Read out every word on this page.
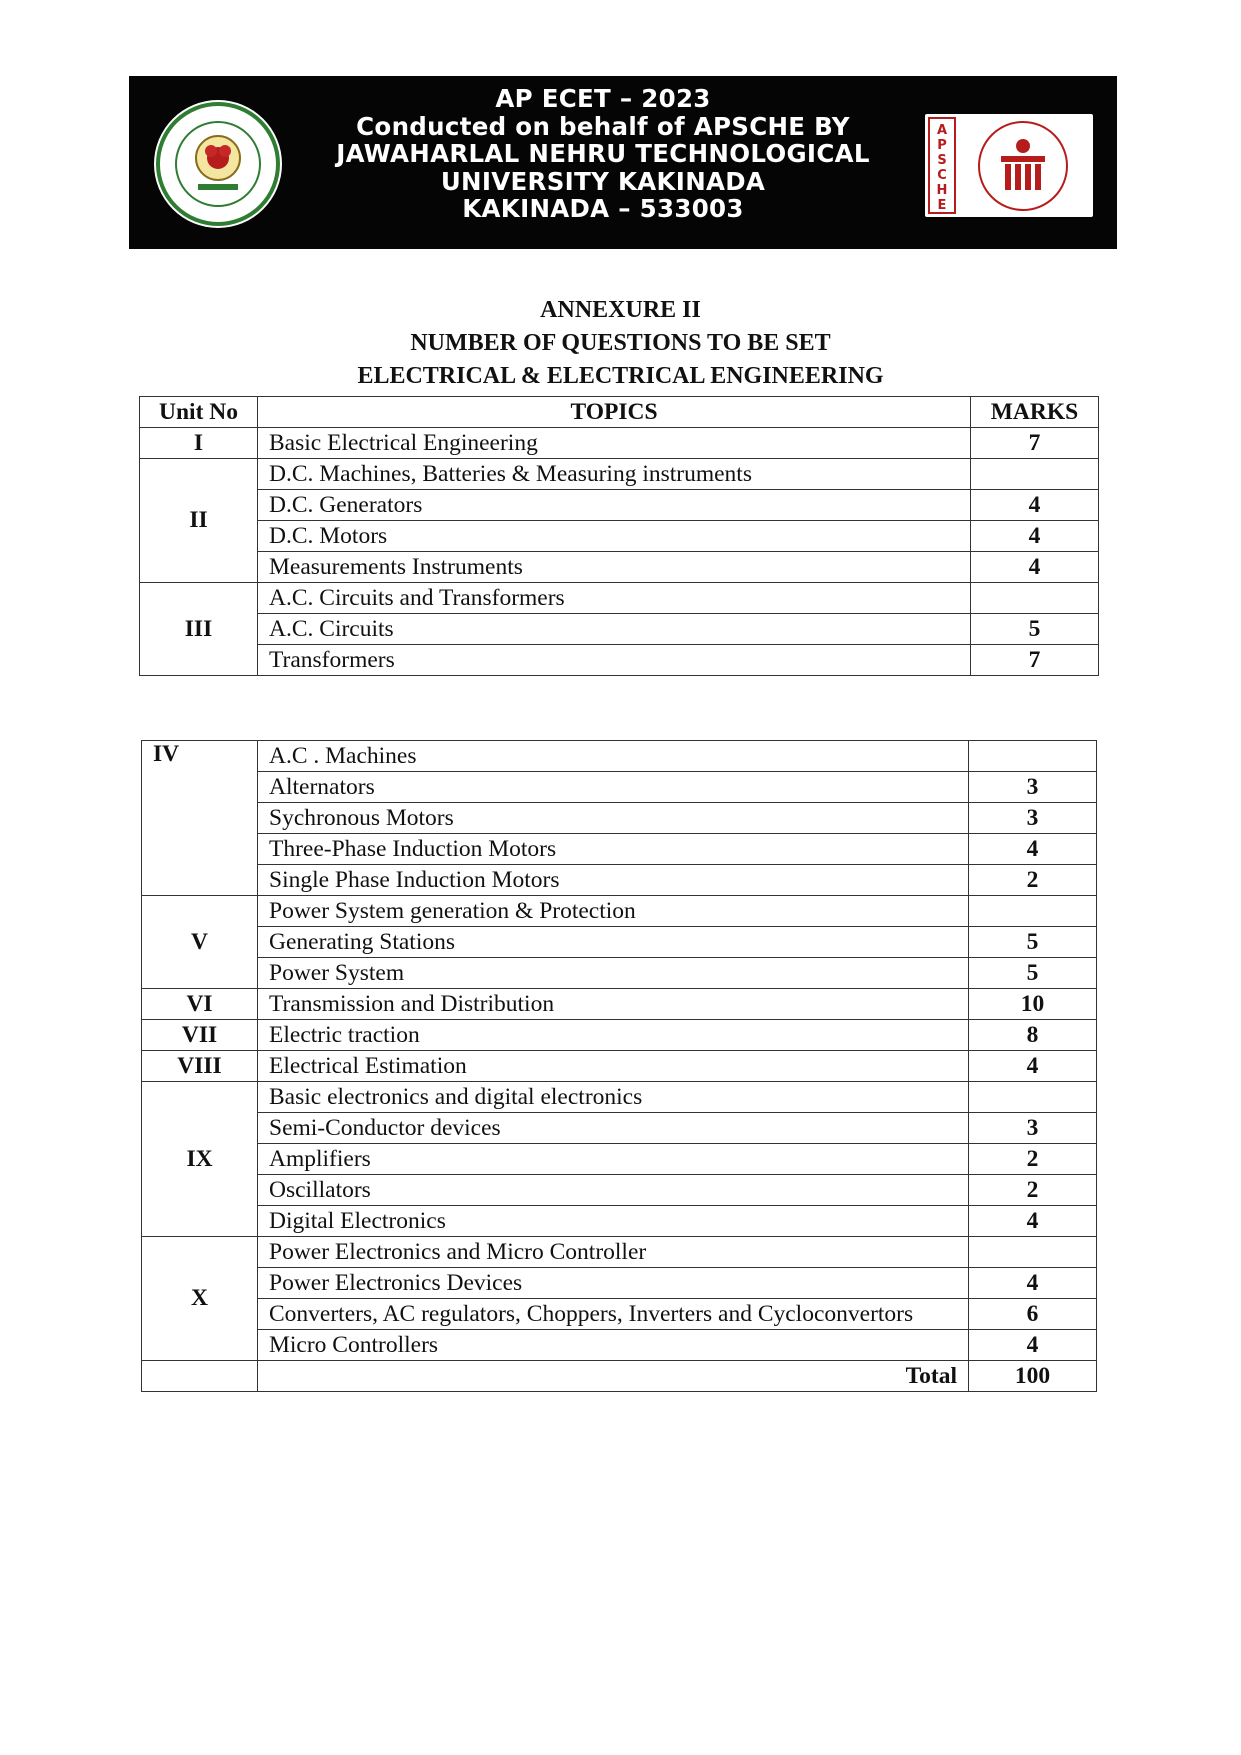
AP ECET – 2023
Conducted on behalf of APSCHE BY
JAWAHARLAL NEHRU TECHNOLOGICAL
UNIVERSITY KAKINADA
KAKINADA – 533003
A
P
S
C
H
E
ANNEXURE II
NUMBER OF QUESTIONS TO BE SET
ELECTRICAL & ELECTRICAL ENGINEERING
Unit No	TOPICS	MARKS
I	Basic Electrical Engineering	7
II	D.C. Machines, Batteries & Measuring instruments	
	D.C. Generators	4
	D.C. Motors	4
	Measurements Instruments	4
III	A.C. Circuits and Transformers	
	A.C. Circuits	5
	Transformers	7
IV	A.C . Machines	
	Alternators	3
	Sychronous Motors	3
	Three-Phase Induction Motors	4
	Single Phase Induction Motors	2
V	Power System generation & Protection	
	Generating Stations	5
	Power System	5
VI	Transmission and Distribution	10
VII	Electric traction	8
VIII	Electrical Estimation	4
IX	Basic electronics and digital electronics	
	Semi-Conductor devices	3
	Amplifiers	2
	Oscillators	2
	Digital Electronics	4
X	Power Electronics and Micro Controller	
	Power Electronics Devices	4
	Converters, AC regulators, Choppers, Inverters and Cycloconvertors	6
	Micro Controllers	4
	Total	100
